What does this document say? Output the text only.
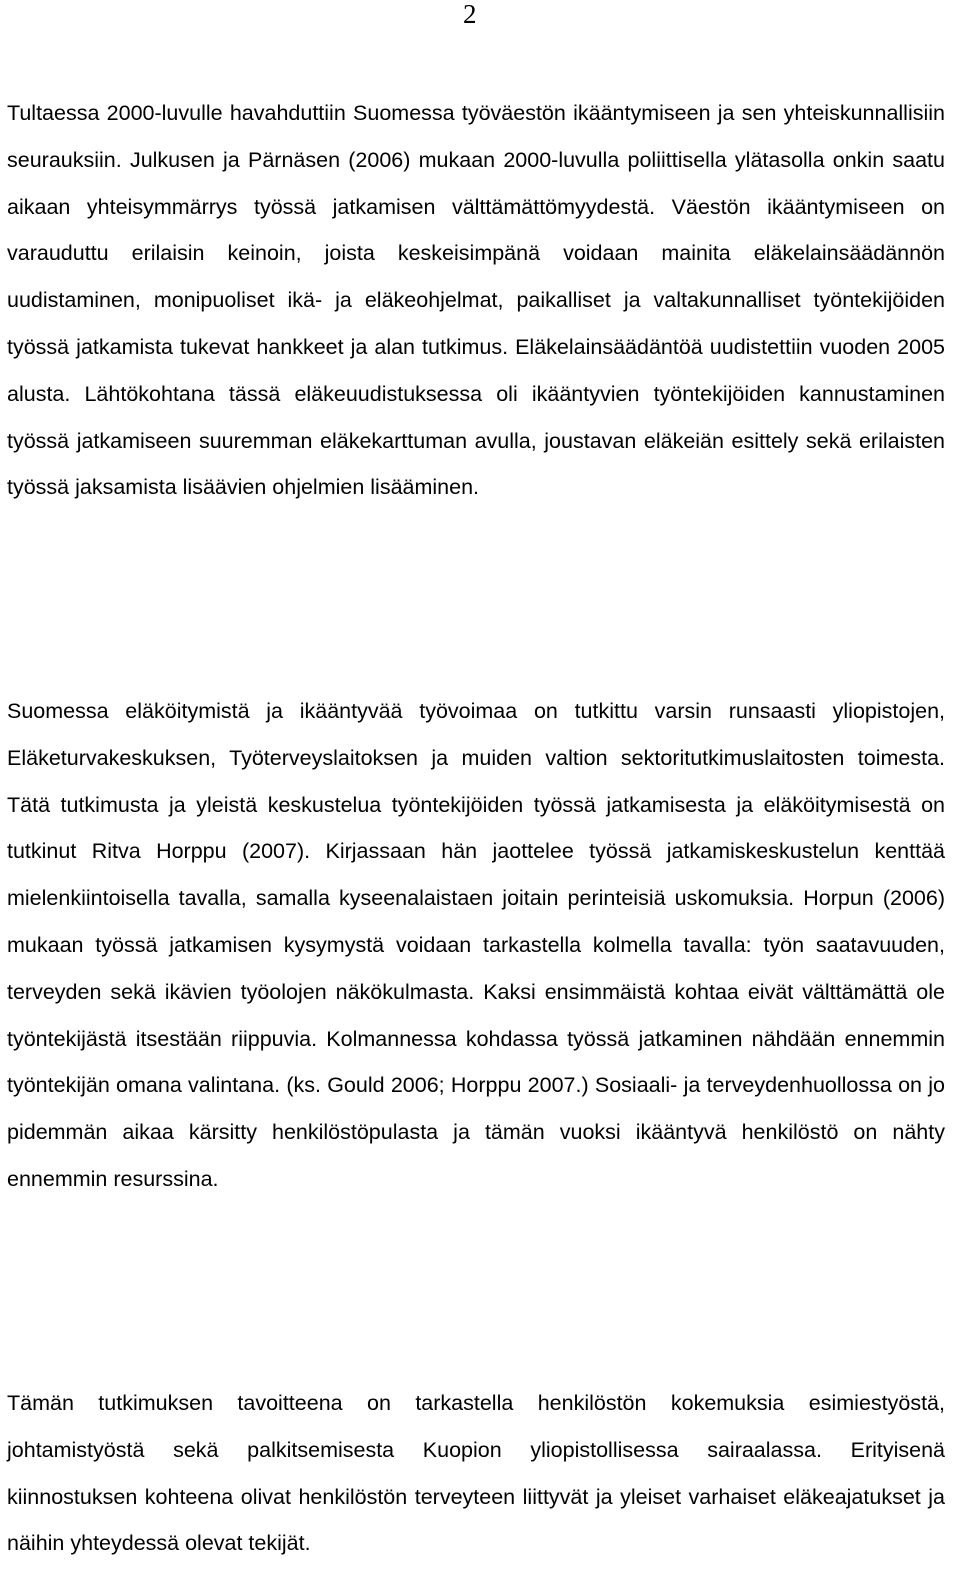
2

Tultaessa 2000-luvulle havahduttiin Suomessa työväestön ikääntymiseen ja sen yhteiskunnallisiin seurauksiin. Julkusen ja Pärnäsen (2006) mukaan 2000-luvulla poliittisella ylätasolla onkin saatu aikaan yhteisymmärrys työssä jatkamisen välttämättömyydestä. Väestön ikääntymiseen on varauduttu erilaisin keinoin, joista keskeisimpänä voidaan mainita eläkelainsäädännön uudistaminen, monipuoliset ikä- ja eläkeohjelmat, paikalliset ja valtakunnalliset työntekijöiden työssä jatkamista tukevat hankkeet ja alan tutkimus. Eläkelainsäädäntöä uudistettiin vuoden 2005 alusta. Lähtökohtana tässä eläkeuudistuksessa oli ikääntyvien työntekijöiden kannustaminen työssä jatkamiseen suuremman eläkekarttuman avulla, joustavan eläkeiän esittely sekä erilaisten työssä jaksamista lisäävien ohjelmien lisääminen.

Suomessa eläköitymistä ja ikääntyvää työvoimaa on tutkittu varsin runsaasti yliopistojen, Eläketurvakeskuksen, Työterveyslaitoksen ja muiden valtion sektoritutkimuslaitosten toimesta. Tätä tutkimusta ja yleistä keskustelua työntekijöiden työssä jatkamisesta ja eläköitymisestä on tutkinut Ritva Horppu (2007). Kirjassaan hän jaottelee työssä jatkamiskeskustelun kenttää mielenkiintoisella tavalla, samalla kyseenalaistaen joitain perinteisiä uskomuksia. Horpun (2006) mukaan työssä jatkamisen kysymystä voidaan tarkastella kolmella tavalla: työn saatavuuden, terveyden sekä ikävien työolojen näkökulmasta. Kaksi ensimmäistä kohtaa eivät välttämättä ole työntekijästä itsestään riippuvia. Kolmannessa kohdassa työssä jatkaminen nähdään ennemmin työntekijän omana valintana. (ks. Gould 2006; Horppu 2007.) Sosiaali- ja terveydenhuollossa on jo pidemmän aikaa kärsitty henkilöstöpulasta ja tämän vuoksi ikääntyvä henkilöstö on nähty ennemmin resurssina.

Tämän tutkimuksen tavoitteena on tarkastella henkilöstön kokemuksia esimiestyöstä, johtamistyöstä sekä palkitsemisesta Kuopion yliopistollisessa sairaalassa. Erityisenä kiinnostuksen kohteena olivat henkilöstön terveyteen liittyvät ja yleiset varhaiset eläkeajatukset ja näihin yhteydessä olevat tekijät.
